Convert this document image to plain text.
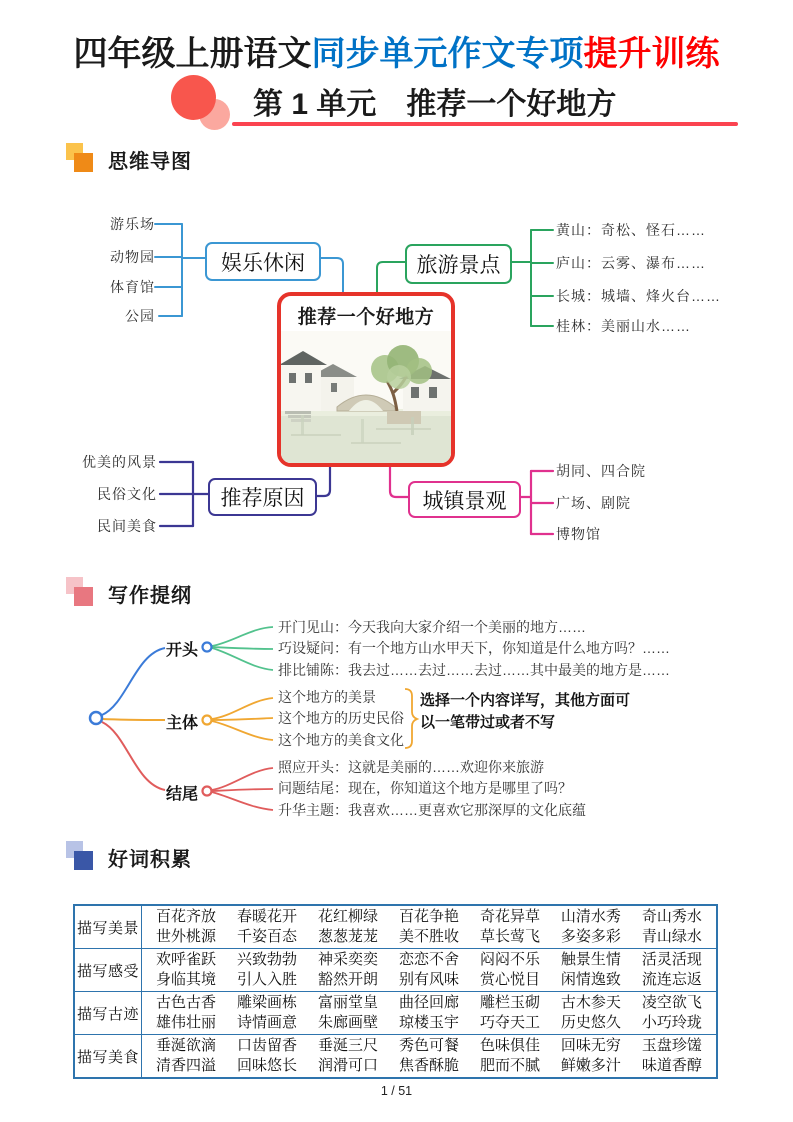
四年级上册语文同步单元作文专项提升训练
第 1 单元　推荐一个好地方
思维导图
游乐场
动物园
体育馆
公园
黄山：奇松、怪石……
庐山：云雾、瀑布……
长城：城墙、烽火台……
桂林：美丽山水……
优美的风景
民俗文化
民间美食
胡同、四合院
广场、剧院
博物馆
娱乐休闲	旅游景点
推荐原因	城镇景观
推荐一个好地方
写作提纲
开头
主体
结尾
开门见山：今天我向大家介绍一个美丽的地方……
巧设疑问：有一个地方山水甲天下，你知道是什么地方吗？……
排比铺陈：我去过……去过……去过……其中最美的地方是……
这个地方的美景
这个地方的历史民俗
这个地方的美食文化
选择一个内容详写，其他方面可
以一笔带过或者不写
照应开头：这就是美丽的……欢迎你来旅游
问题结尾：现在，你知道这个地方是哪里了吗？
升华主题：我喜欢……更喜欢它那深厚的文化底蕴
好词积累
描写美景	
百花齐放 春暖花开 花红柳绿 百花争艳 奇花异草 山清水秀 奇山秀水
世外桃源 千姿百态 葱葱茏茏 美不胜收 草长莺飞 多姿多彩 青山绿水

描写感受	
欢呼雀跃 兴致勃勃 神采奕奕 恋恋不舍 闷闷不乐 触景生情 活灵活现
身临其境 引人入胜 豁然开朗 别有风味 赏心悦目 闲情逸致 流连忘返

描写古迹	
古色古香 雕梁画栋 富丽堂皇 曲径回廊 雕栏玉砌 古木参天 凌空欲飞
雄伟壮丽 诗情画意 朱廊画壁 琼楼玉宇 巧夺天工 历史悠久 小巧玲珑

描写美食	
垂涎欲滴 口齿留香 垂涎三尺 秀色可餐 色味俱佳 回味无穷 玉盘珍馐
清香四溢 回味悠长 润滑可口 焦香酥脆 肥而不腻 鲜嫩多汁 味道香醇
1 / 51
